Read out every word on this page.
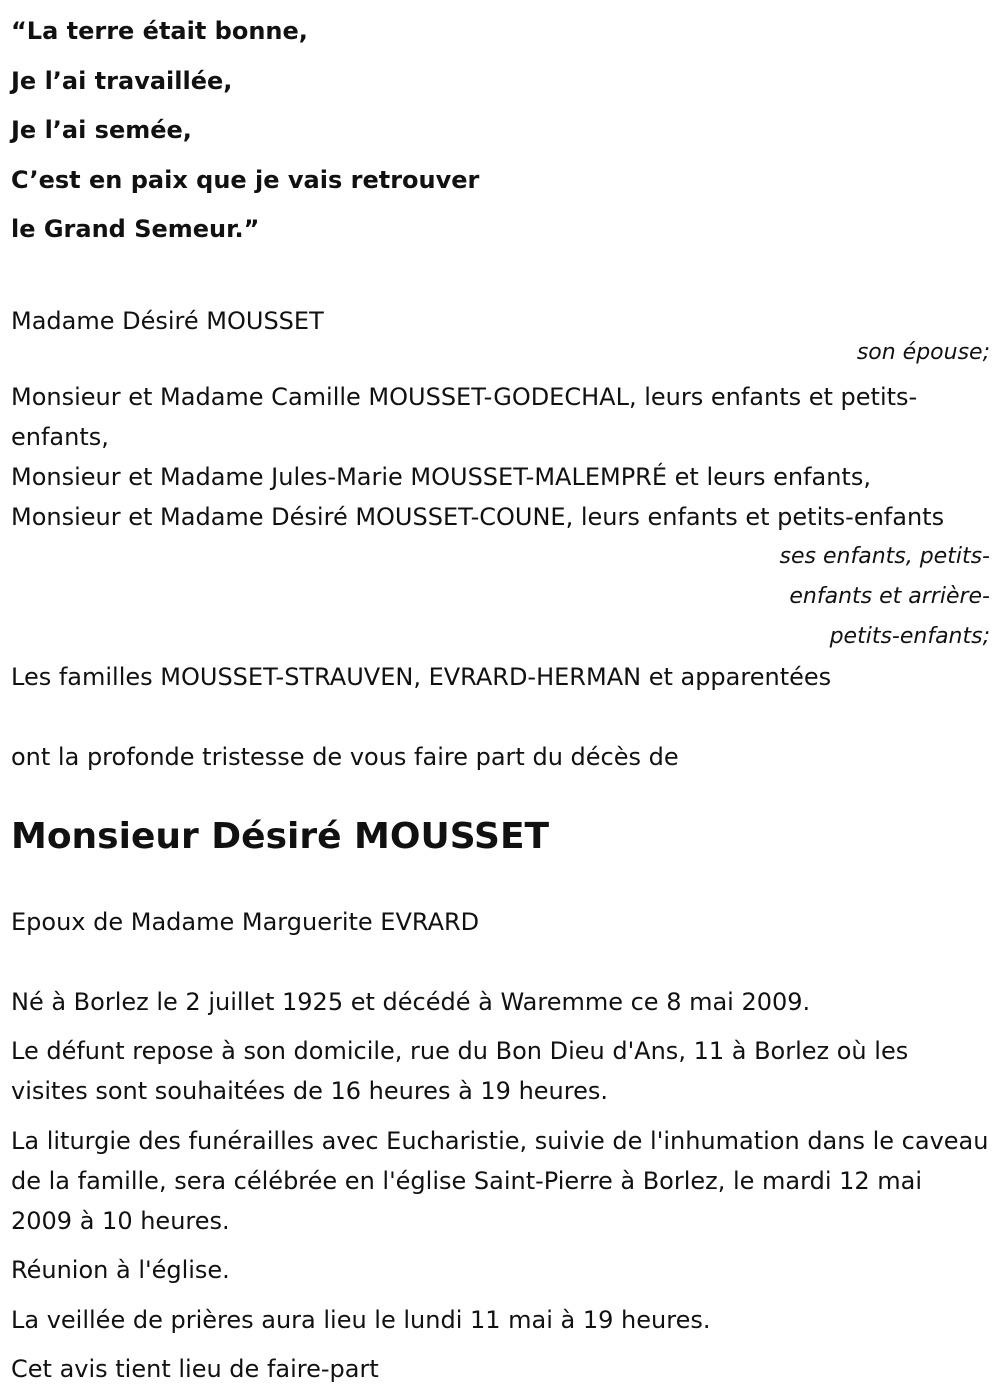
“La terre était bonne,
Je l’ai travaillée,
Je l’ai semée,
C’est en paix que je vais retrouver
le Grand Semeur.”
Madame Désiré MOUSSET
son épouse;
Monsieur et Madame Camille MOUSSET-GODECHAL, leurs enfants et petits-enfants,
Monsieur et Madame Jules-Marie MOUSSET-MALEMPRÉ et leurs enfants,
Monsieur et Madame Désiré MOUSSET-COUNE, leurs enfants et petits-enfants
ses enfants, petits-enfants et arrière-petits-enfants;
Les familles MOUSSET-STRAUVEN, EVRARD-HERMAN et apparentées
ont la profonde tristesse de vous faire part du décès de
Monsieur Désiré MOUSSET
Epoux de Madame Marguerite EVRARD
Né à Borlez le 2 juillet 1925 et décédé à Waremme ce 8 mai 2009.
Le défunt repose à son domicile, rue du Bon Dieu d'Ans, 11 à Borlez où les visites sont souhaitées de 16 heures à 19 heures.
La liturgie des funérailles avec Eucharistie, suivie de l'inhumation dans le caveau de la famille, sera célébrée en l'église Saint-Pierre à Borlez, le mardi 12 mai 2009 à 10 heures.
Réunion à l'église.
La veillée de prières aura lieu le lundi 11 mai à 19 heures.
Cet avis tient lieu de faire-part
